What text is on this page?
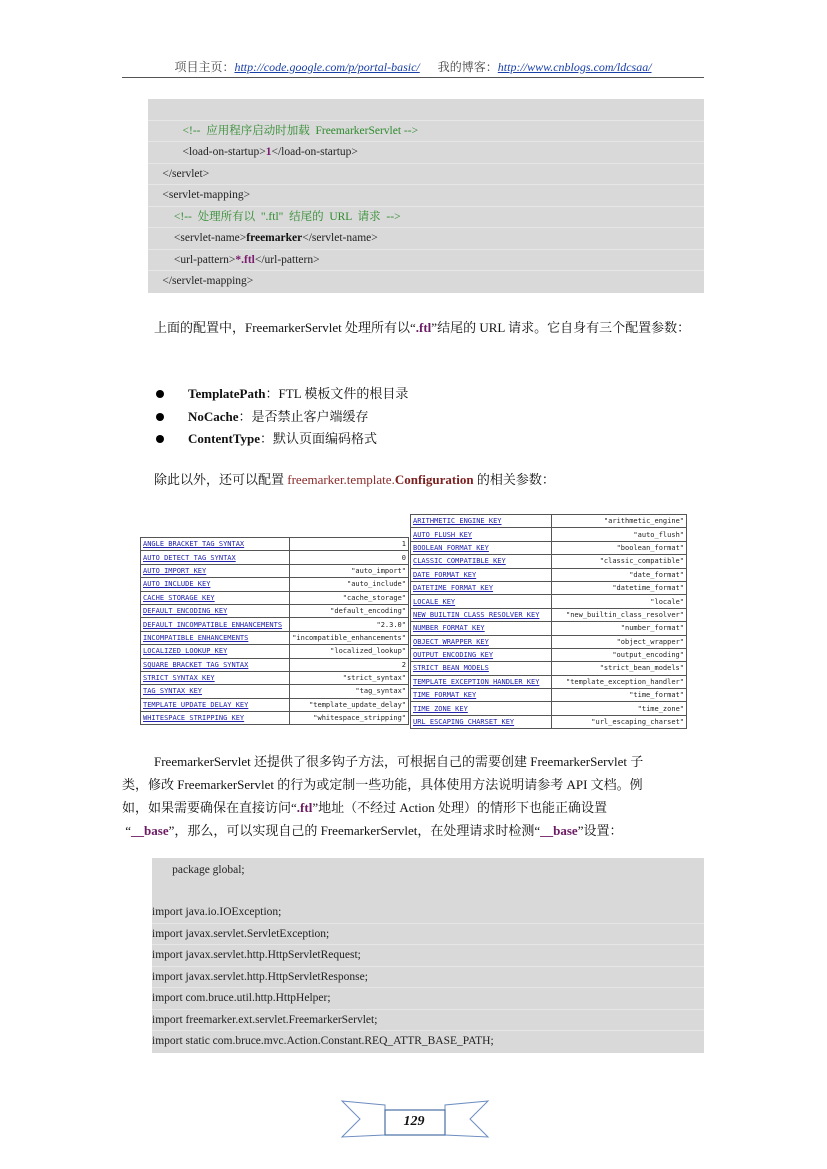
项目主页：http://code.google.com/p/portal-basic/ 我的博客：http://www.cnblogs.com/ldcsaa/
<!--  应用程序启动时加载  FreemarkerServlet -->
<load-on-startup>1</load-on-startup>
</servlet>
<servlet-mapping>
<!--  处理所有以  ".ftl"  结尾的  URL  请求  -->
<servlet-name>freemarker</servlet-name>
<url-pattern>*.ftl</url-pattern>
</servlet-mapping>
上面的配置中，FreemarkerServlet 处理所有以“.ftl”结尾的 URL 请求。它自身有三个配置参数：
TemplatePath ：FTL 模板文件的根目录
NoCache ：是否禁止客户端缓存
ContentType ：默认页面编码格式
除此以外，还可以配置 freemarker.template.Configuration 的相关参数：
ANGLE_BRACKET_TAG_SYNTAX	1
AUTO_DETECT_TAG_SYNTAX	0
AUTO_IMPORT_KEY	"auto_import"
AUTO_INCLUDE_KEY	"auto_include"
CACHE_STORAGE_KEY	"cache_storage"
DEFAULT_ENCODING_KEY	"default_encoding"
DEFAULT_INCOMPATIBLE_ENHANCEMENTS	"2.3.0"
INCOMPATIBLE_ENHANCEMENTS	"incompatible_enhancements"
LOCALIZED_LOOKUP_KEY	"localized_lookup"
SQUARE_BRACKET_TAG_SYNTAX	2
STRICT_SYNTAX_KEY	"strict_syntax"
TAG_SYNTAX_KEY	"tag_syntax"
TEMPLATE_UPDATE_DELAY_KEY	"template_update_delay"
WHITESPACE_STRIPPING_KEY	"whitespace_stripping"
ARITHMETIC_ENGINE_KEY	"arithmetic_engine"
AUTO_FLUSH_KEY	"auto_flush"
BOOLEAN_FORMAT_KEY	"boolean_format"
CLASSIC_COMPATIBLE_KEY	"classic_compatible"
DATE_FORMAT_KEY	"date_format"
DATETIME_FORMAT_KEY	"datetime_format"
LOCALE_KEY	"locale"
NEW_BUILTIN_CLASS_RESOLVER_KEY	"new_builtin_class_resolver"
NUMBER_FORMAT_KEY	"number_format"
OBJECT_WRAPPER_KEY	"object_wrapper"
OUTPUT_ENCODING_KEY	"output_encoding"
STRICT_BEAN_MODELS	"strict_bean_models"
TEMPLATE_EXCEPTION_HANDLER_KEY	"template_exception_handler"
TIME_FORMAT_KEY	"time_format"
TIME_ZONE_KEY	"time_zone"
URL_ESCAPING_CHARSET_KEY	"url_escaping_charset"
FreemarkerServlet 还提供了很多钩子方法，可根据自己的需要创建 FreemarkerServlet 子
类，修改 FreemarkerServlet 的行为或定制一些功能，具体使用方法说明请参考 API 文档。例
如，如果需要确保在直接访问“.ftl”地址（不经过 Action 处理）的情形下也能正确设置
“__base”，那么，可以实现自己的 FreemarkerServlet，在处理请求时检测“__base”设置：
package global;
import java.io.IOException;
import javax.servlet.ServletException;
import javax.servlet.http.HttpServletRequest;
import javax.servlet.http.HttpServletResponse;
import com.bruce.util.http.HttpHelper;
import freemarker.ext.servlet.FreemarkerServlet;
import static com.bruce.mvc.Action.Constant.REQ_ATTR_BASE_PATH;
129
